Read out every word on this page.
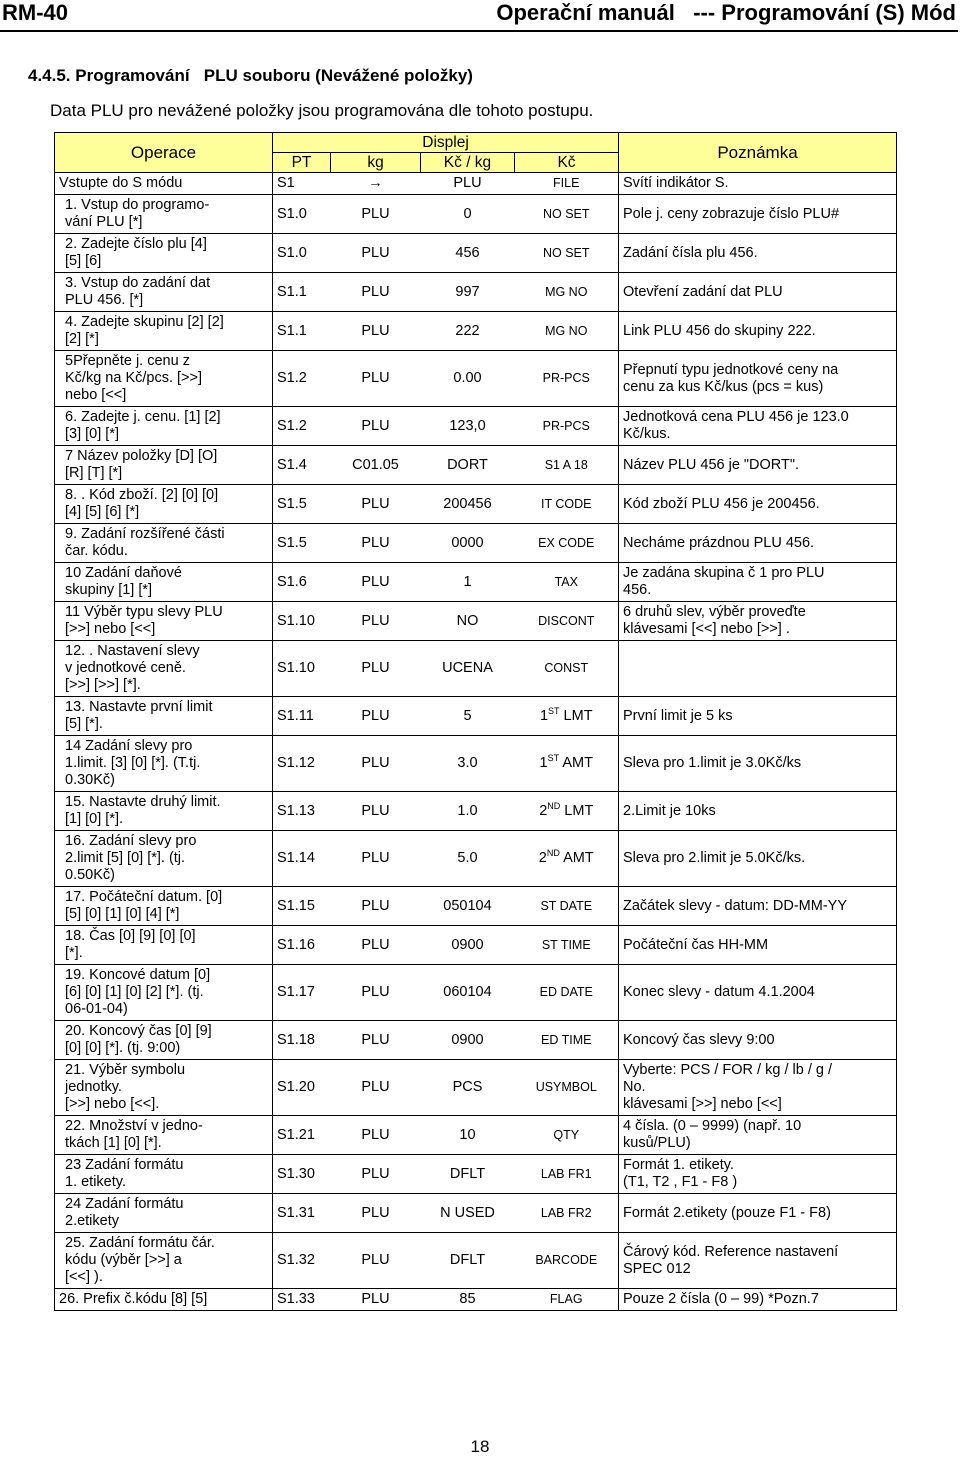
RM-40	Operační manuál   --- Programování (S) Mód
4.4.5. Programování   PLU souboru (Nevážené položky)
Data PLU pro nevážené položky jsou programována dle tohoto postupu.
Operace	Displej				Poznámka
	PT	kg	Kč / kg	Kč	
Vstupte do S módu	S1	→	PLU	FILE	Svítí indikátor S.
1. Vstup do programo-
vání PLU [*]	S1.0	PLU	0	NO SET	Pole j. ceny zobrazuje číslo PLU#
2. Zadejte číslo plu [4]
[5] [6]	S1.0	PLU	456	NO SET	Zadání čísla plu 456.
3. Vstup do zadání dat
PLU 456. [*]	S1.1	PLU	997	MG NO	Otevření zadání dat PLU
4. Zadejte skupinu [2] [2]
[2] [*]	S1.1	PLU	222	MG NO	Link PLU 456 do skupiny 222.
5Přepněte j. cenu z
Kč/kg na Kč/pcs. [>>]
nebo [<<]	S1.2	PLU	0.00	PR-PCS	Přepnutí typu jednotkové ceny na
cenu za kus Kč/kus (pcs = kus)
6. Zadejte j. cenu. [1] [2]
[3] [0] [*]	S1.2	PLU	123,0	PR-PCS	Jednotková cena PLU 456 je 123.0
Kč/kus.
7 Název položky [D] [O]
[R] [T] [*]	S1.4	C01.05	DORT	S1 A 18	Název PLU 456 je "DORT".
8. . Kód zboží. [2] [0] [0]
[4] [5] [6] [*]	S1.5	PLU	200456	IT CODE	Kód zboží PLU 456 je 200456.
9. Zadání rozšířené části
čar. kódu.	S1.5	PLU	0000	EX CODE	Necháme prázdnou PLU 456.
10 Zadání daňové
skupiny [1] [*]	S1.6	PLU	1	TAX	Je zadána skupina č 1 pro PLU
456.
11 Výběr typu slevy PLU
[>>] nebo [<<]	S1.10	PLU	NO	DISCONT	6 druhů slev, výběr proveďte
klávesami [<<] nebo [>>] .
12. . Nastavení slevy
v jednotkové ceně.
[>>] [>>] [*].	S1.10	PLU	UCENA	CONST	
13. Nastavte první limit
[5] [*].	S1.11	PLU	5	1ST LMT	První limit je 5 ks
14 Zadání slevy pro
1.limit. [3] [0] [*]. (T.tj.
0.30Kč)	S1.12	PLU	3.0	1ST AMT	Sleva pro 1.limit je 3.0Kč/ks
15. Nastavte druhý limit.
[1] [0] [*].	S1.13	PLU	1.0	2ND LMT	2.Limit je 10ks
16. Zadání slevy pro
2.limit [5] [0] [*]. (tj.
0.50Kč)	S1.14	PLU	5.0	2ND AMT	Sleva pro 2.limit je 5.0Kč/ks.
17. Počáteční datum. [0]
[5] [0] [1] [0] [4] [*]	S1.15	PLU	050104	ST DATE	Začátek slevy - datum: DD-MM-YY
18. Čas [0] [9] [0] [0]
[*].	S1.16	PLU	0900	ST TIME	Počáteční čas HH-MM
19. Koncové datum [0]
[6] [0] [1] [0] [2] [*]. (tj.
06-01-04)	S1.17	PLU	060104	ED DATE	Konec slevy - datum 4.1.2004
20. Koncový čas [0] [9]
[0] [0] [*]. (tj. 9:00)	S1.18	PLU	0900	ED TIME	Koncový čas slevy 9:00
21. Výběr symbolu
jednotky.
[>>] nebo [<<].	S1.20	PLU	PCS	USYMBOL	Vyberte: PCS / FOR / kg / lb / g /
No.
klávesami [>>] nebo [<<]
22. Množství v jedno-
tkách [1] [0] [*].	S1.21	PLU	10	QTY	4 čísla. (0 – 9999) (např. 10
kusů/PLU)
23 Zadání formátu
1. etikety.	S1.30	PLU	DFLT	LAB FR1	Formát 1. etikety.
(T1, T2 , F1 - F8 )
24 Zadání formátu
2.etikety	S1.31	PLU	N USED	LAB FR2	Formát 2.etikety (pouze F1 - F8)
25. Zadání formátu čár.
kódu (výběr [>>] a
[<<] ).	S1.32	PLU	DFLT	BARCODE	Čárový kód. Reference nastavení
SPEC 012
26. Prefix č.kódu [8] [5]	S1.33	PLU	85	FLAG	Pouze 2 čísla (0 – 99) *Pozn.7
18
